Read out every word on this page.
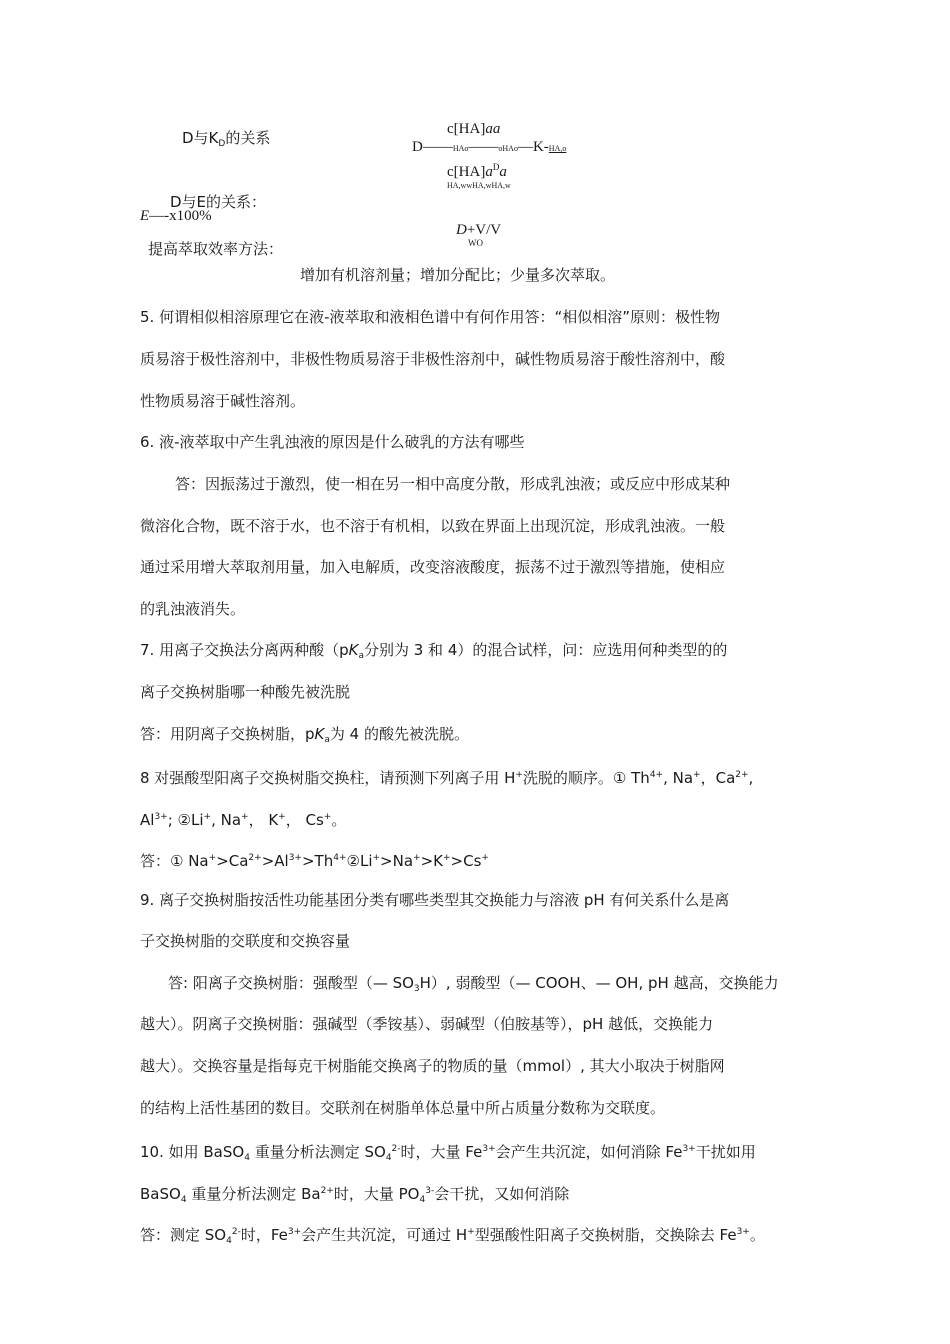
D与$K_D$的关系	c[HA]aa
D——HAo——oHAo—K-HA,o
$c[HA]a^Da$
HA,wwHA,wHA,w
D与E的关系：
E—-x100%
D+V/V
WO
提高萃取效率方法：
增加有机溶剂量；增加分配比；少量多次萃取。
5. 何谓相似相溶原理它在液-液萃取和液相色谱中有何作用答：“相似相溶”原则：极性物
质易溶于极性溶剂中，非极性物质易溶于非极性溶剂中，碱性物质易溶于酸性溶剂中，酸
性物质易溶于碱性溶剂。
6. 液-液萃取中产生乳浊液的原因是什么破乳的方法有哪些
答：因振荡过于激烈，使一相在另一相中高度分散，形成乳浊液；或反应中形成某种
微溶化合物，既不溶于水，也不溶于有机相，以致在界面上出现沉淀，形成乳浊液。一般
通过采用增大萃取剂用量，加入电解质，改变溶液酸度，振荡不过于激烈等措施，使相应
的乳浊液消失。
7. 用离子交换法分离两种酸（$pK_a$分别为 3 和 4）的混合试样，问：应选用何种类型的的
离子交换树脂哪一种酸先被洗脱
答：用阴离子交换树脂，$pK_a$为 4 的酸先被洗脱。
8 对强酸型阳离子交换树脂交换柱，请预测下列离子用 H+洗脱的顺序。① $Th^{4+}$, Na+，$Ca^{2+}$,
$Al^{3+}$; ②Li+, Na+， K+， Cs+。
答：① $Na^+>Ca^{2+}>Al^{3+}>Th^{4+}②Li^+>Na^+>K^+>Cs^+$
9. 离子交换树脂按活性功能基团分类有哪些类型其交换能力与溶液 pH 有何关系什么是离
子交换树脂的交联度和交换容量
答: 阳离子交换树脂：强酸型（— $SO_3H$）, 弱酸型（— COOH、— OH, pH 越高，交换能力
越大）。阴离子交换树脂：强碱型（季铵基）、弱碱型（伯胺基等），pH 越低，交换能力
越大）。交换容量是指每克干树脂能交换离子的物质的量（mmol）, 其大小取决于树脂网
的结构上活性基团的数目。交联剂在树脂单体总量中所占质量分数称为交联度。
10. 如用 BaSO$_4$ 重量分析法测定 $SO_4^{2-}$时，大量 $Fe^{3+}$会产生共沉淀，如何消除 $Fe^{3+}$干扰如用
BaSO$_4$ 重量分析法测定 $Ba^{2+}$时，大量 $PO_4^{3-}$会干扰，又如何消除
答：测定 $SO_4^{2-}$时，$Fe^{3+}$会产生共沉淀，可通过 H+型强酸性阳离子交换树脂，交换除去 $Fe^{3+}$。
